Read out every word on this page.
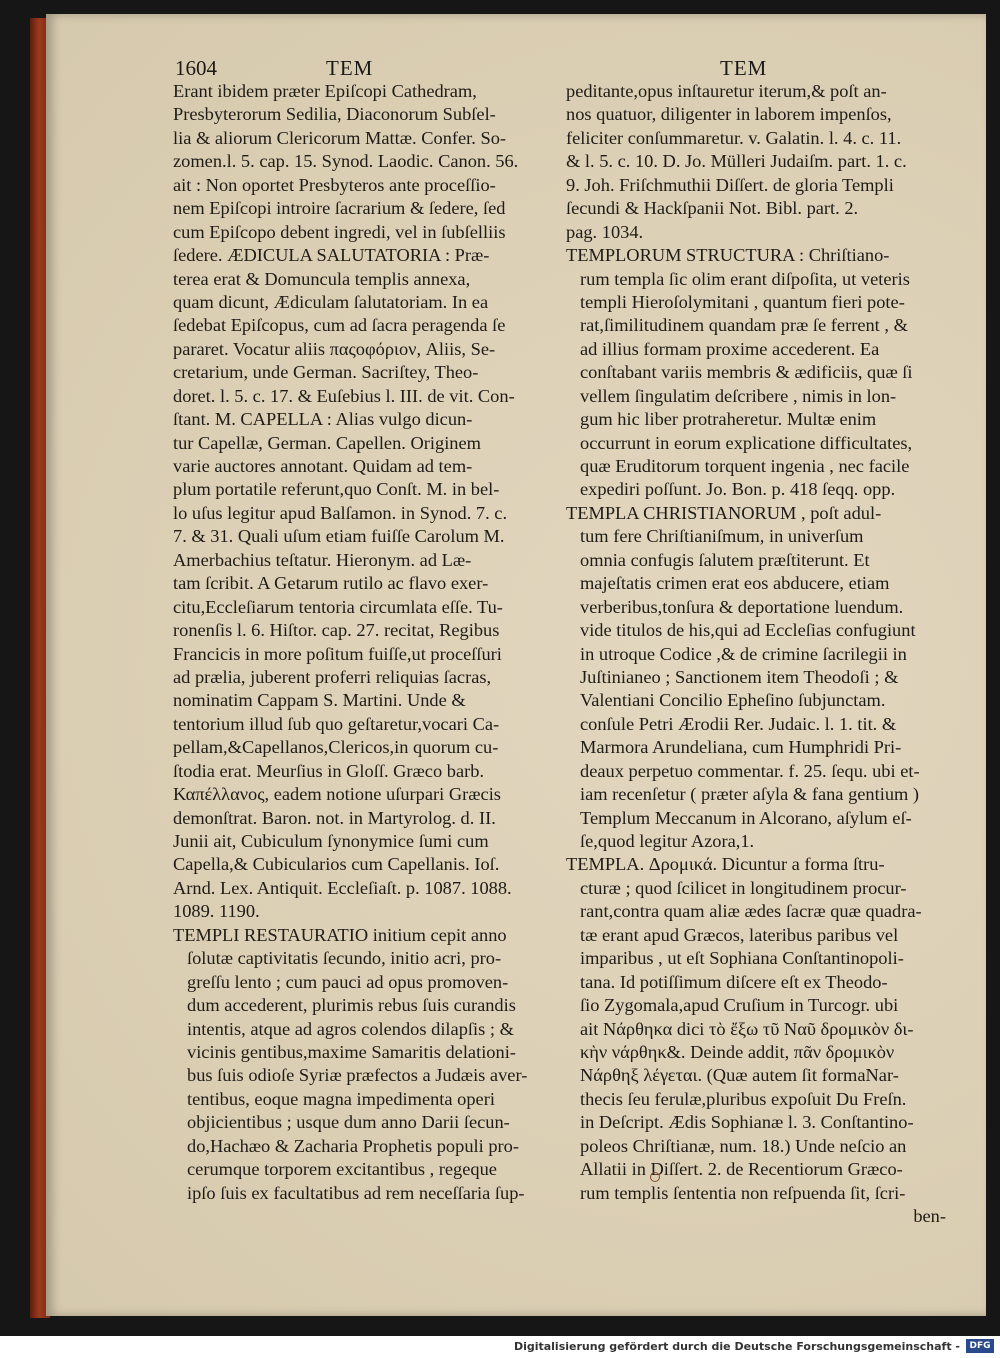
1604	TEM	TEM
Erant ibidem præter Epiſcopi Cathedram,
Presbyterorum Sedilia, Diaconorum Subſel-
lia & aliorum Clericorum Mattæ. Confer. So-
zomen.l. 5. cap. 15. Synod. Laodic. Canon. 56.
ait : Non oportet Presbyteros ante proceſſio-
nem Epiſcopi introire ſacrarium & ſedere, ſed
cum Epiſcopo debent ingredi, vel in ſubſelliis
ſedere. ÆDICULA SALUTATORIA : Præ-
terea erat & Domuncula templis annexa,
quam dicunt, Ædiculam ſalutatoriam. In ea
ſedebat Epiſcopus, cum ad ſacra peragenda ſe
pararet. Vocatur aliis παςοφόριον, Aliis, Se-
cretarium, unde German. Sacriſtey, Theo-
doret. l. 5. c. 17. & Euſebius l. III. de vit. Con-
ſtant. M. CAPELLA : Alias vulgo dicun-
tur Capellæ, German. Capellen. Originem
varie auctores annotant. Quidam ad tem-
plum portatile referunt,quo Conſt. M. in bel-
lo uſus legitur apud Balſamon. in Synod. 7. c.
7. & 31. Quali uſum etiam fuiſſe Carolum M.
Amerbachius teſtatur. Hieronym. ad Læ-
tam ſcribit. A Getarum rutilo ac flavo exer-
citu,Eccleſiarum tentoria circumlata eſſe. Tu-
ronenſis l. 6. Hiſtor. cap. 27. recitat, Regibus
Francicis in more poſitum fuiſſe,ut proceſſuri
ad prælia, juberent proferri reliquias ſacras,
nominatim Cappam S. Martini. Unde &
tentorium illud ſub quo geſtaretur,vocari Ca-
pellam,&Capellanos,Clericos,in quorum cu-
ſtodia erat. Meurſius in Gloſſ. Græco barb.
Καπέλλανος, eadem notione uſurpari Græcis
demonſtrat. Baron. not. in Martyrolog. d. II.
Junii ait, Cubiculum ſynonymice ſumi cum
Capella,& Cubicularios cum Capellanis. Ioſ.
Arnd. Lex. Antiquit. Eccleſiaſt. p. 1087. 1088.
1089. 1190.
TEMPLI RESTAURATIO initium cepit anno
ſolutæ captivitatis ſecundo, initio acri, pro-
greſſu lento ; cum pauci ad opus promoven-
dum accederent, plurimis rebus ſuis curandis
intentis, atque ad agros colendos dilapſis ; &
vicinis gentibus,maxime Samaritis delationi-
bus ſuis odioſe Syriæ præfectos a Judæis aver-
tentibus, eoque magna impedimenta operi
objicientibus ; usque dum anno Darii ſecun-
do,Hachæo & Zacharia Prophetis populi pro-
cerumque torporem excitantibus , regeque
ipſo ſuis ex facultatibus ad rem neceſſaria ſup-
peditante,opus inſtauretur iterum,& poſt an-
nos quatuor, diligenter in laborem impenſos,
feliciter conſummaretur. v. Galatin. l. 4. c. 11.
& l. 5. c. 10. D. Jo. Mülleri Judaiſm. part. 1. c.
9. Joh. Friſchmuthii Diſſert. de gloria Templi
ſecundi & Hackſpanii Not. Bibl. part. 2.
pag. 1034.
TEMPLORUM STRUCTURA : Chriſtiano-
rum templa ſic olim erant diſpoſita, ut veteris
templi Hieroſolymitani , quantum fieri pote-
rat,ſimilitudinem quandam præ ſe ferrent , &
ad illius formam proxime accederent. Ea
conſtabant variis membris & ædificiis, quæ ſi
vellem ſingulatim deſcribere , nimis in lon-
gum hic liber protraheretur. Multæ enim
occurrunt in eorum explicatione difficultates,
quæ Eruditorum torquent ingenia , nec facile
expediri poſſunt. Jo. Bon. p. 418 ſeqq. opp.
TEMPLA CHRISTIANORUM , poſt adul-
tum fere Chriſtianiſmum, in univerſum
omnia confugis ſalutem præſtiterunt. Et
majeſtatis crimen erat eos abducere, etiam
verberibus,tonſura & deportatione luendum.
vide titulos de his,qui ad Eccleſias confugiunt
in utroque Codice ,& de crimine ſacrilegii in
Juſtinianeo ; Sanctionem item Theodoſi ; &
Valentiani Concilio Epheſino ſubjunctam.
conſule Petri Ærodii Rer. Judaic. l. 1. tit. &
Marmora Arundeliana, cum Humphridi Pri-
deaux perpetuo commentar. f. 25. ſequ. ubi et-
iam recenſetur ( præter aſyla & fana gentium )
Templum Meccanum in Alcorano, aſylum eſ-
ſe,quod legitur Azora,1.
TEMPLA. Δρομικά. Dicuntur a forma ſtru-
cturæ ; quod ſcilicet in longitudinem procur-
rant,contra quam aliæ ædes ſacræ quæ quadra-
tæ erant apud Græcos, lateribus paribus vel
imparibus , ut eſt Sophiana Conſtantinopoli-
tana. Id potiſſimum diſcere eſt ex Theodo-
ſio Zygomala,apud Cruſium in Turcogr. ubi
ait Νάρθηκα dici τὸ ἔξω τῦ Ναῦ δρομικὸν δι-
κὴν νάρθηκ&. Deinde addit, πᾶν δρομικὸν
Νάρθηξ λέγεται. (Quæ autem ſit formaNar-
thecis ſeu ferulæ,pluribus expoſuit Du Freſn.
in Deſcript. Ædis Sophianæ l. 3. Conſtantino-
poleos Chriſtianæ, num. 18.) Unde neſcio an
Allatii in Diſſert. 2. de Recentiorum Græco-
rum templis ſententia non reſpuenda ſit, ſcri-
ben-
Digitalisierung gefördert durch die Deutsche Forschungsgemeinschaft -	DFG
